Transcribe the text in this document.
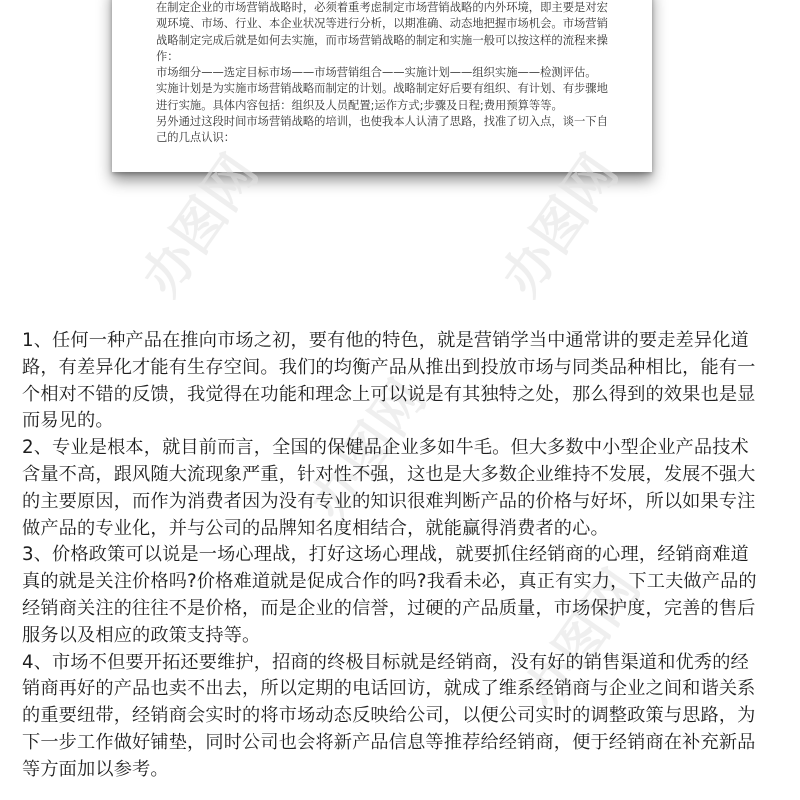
在制定企业的市场营销战略时，必须着重考虑制定市场营销战略的内外环境，即主要是对宏
观环境、市场、行业、本企业状况等进行分析，以期准确、动态地把握市场机会。市场营销
战略制定完成后就是如何去实施，而市场营销战略的制定和实施一般可以按这样的流程来操
作：
市场细分——选定目标市场——市场营销组合——实施计划——组织实施——检测评估。
实施计划是为实施市场营销战略而制定的计划。战略制定好后要有组织、有计划、有步骤地
进行实施。具体内容包括：组织及人员配置;运作方式;步骤及日程;费用预算等等。
另外通过这段时间市场营销战略的培训，也使我本人认清了思路，找准了切入点，谈一下自
己的几点认识：
办图网	办图网
办图网
办图网
1、任何一种产品在推向市场之初，要有他的特色，就是营销学当中通常讲的要走差异化道
路，有差异化才能有生存空间。我们的均衡产品从推出到投放市场与同类品种相比，能有一
个相对不错的反馈，我觉得在功能和理念上可以说是有其独特之处，那么得到的效果也是显
而易见的。
2、专业是根本，就目前而言，全国的保健品企业多如牛毛。但大多数中小型企业产品技术
含量不高，跟风随大流现象严重，针对性不强，这也是大多数企业维持不发展，发展不强大
的主要原因，而作为消费者因为没有专业的知识很难判断产品的价格与好坏，所以如果专注
做产品的专业化，并与公司的品牌知名度相结合，就能赢得消费者的心。
3、价格政策可以说是一场心理战，打好这场心理战，就要抓住经销商的心理，经销商难道
真的就是关注价格吗?价格难道就是促成合作的吗?我看未必，真正有实力，下工夫做产品的
经销商关注的往往不是价格，而是企业的信誉，过硬的产品质量，市场保护度，完善的售后
服务以及相应的政策支持等。
4、市场不但要开拓还要维护，招商的终极目标就是经销商，没有好的销售渠道和优秀的经
销商再好的产品也卖不出去，所以定期的电话回访，就成了维系经销商与企业之间和谐关系
的重要纽带，经销商会实时的将市场动态反映给公司，以便公司实时的调整政策与思路，为
下一步工作做好铺垫，同时公司也会将新产品信息等推荐给经销商，便于经销商在补充新品
等方面加以参考。
